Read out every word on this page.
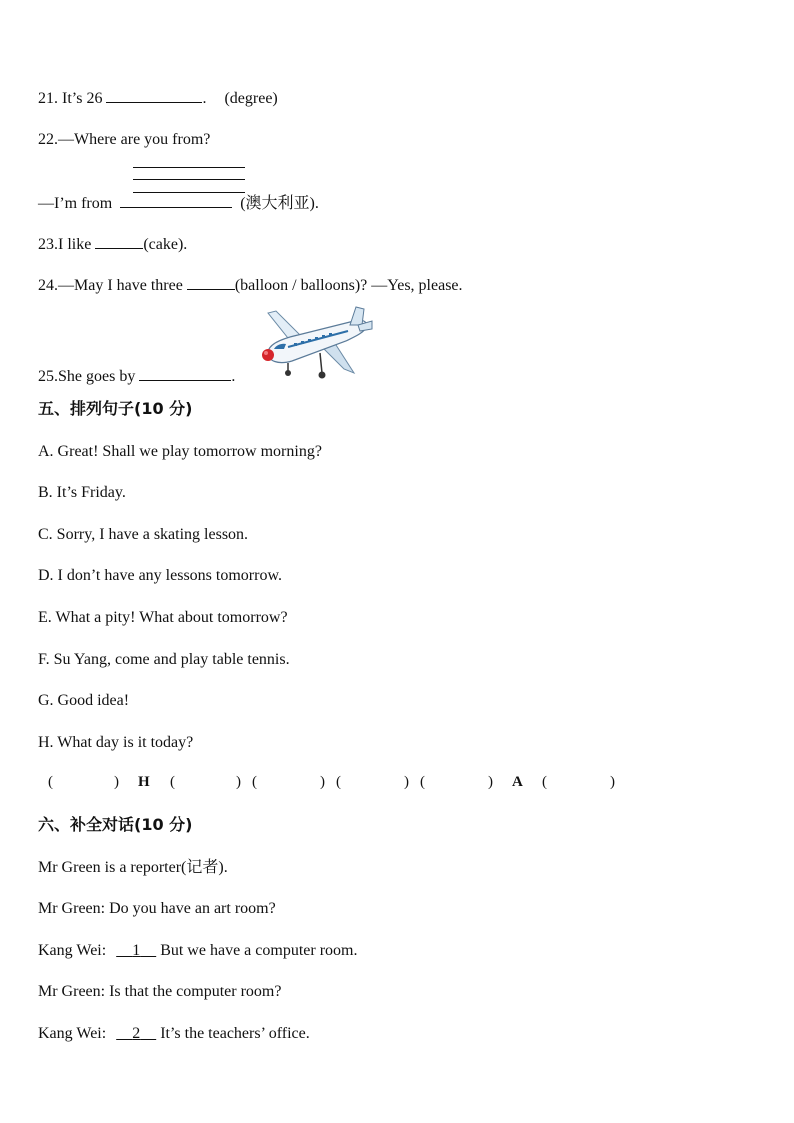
21. It’s 26	. (degree)
22.—Where are you from?
—I’m from	(澳大利亚).
23.I like	(cake).
24.—May I have three	(balloon / balloons)? —Yes, please.
25.She goes by	.
五、排列句子(10 分)
A. Great! Shall we play tomorrow morning?
B. It’s Friday.
C. Sorry, I have a skating lesson.
D. I don’t have any lessons tomorrow.
E. What a pity! What about tomorrow?
F. Su Yang, come and play table tennis.
G. Good idea!
H. What day is it today?
(	) H (	) (	) (	) (	) A (	)
六、补全对话(10 分)
Mr Green is a reporter(记者).
Mr Green: Do you have an art room?
Kang Wei: 1 But we have a computer room.
Mr Green: Is that the computer room?
Kang Wei: 2 It’s the teachers’ office.
